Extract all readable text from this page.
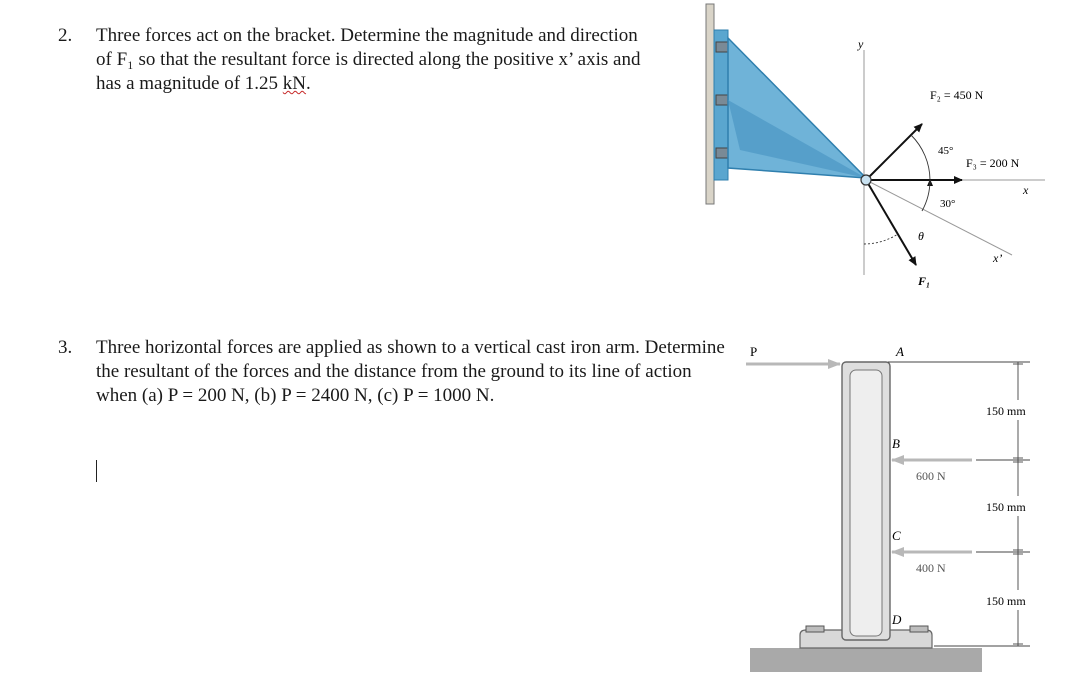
2. Three forces act on the bracket. Determine the magnitude and direction of F₁ so that the resultant force is directed along the positive x’ axis and has a magnitude of 1.25 kN.
3. Three horizontal forces are applied as shown to a vertical cast iron arm. Determine the resultant of the forces and the distance from the ground to its line of action when (a) P = 200 N, (b) P = 2400 N, (c) P = 1000 N.
y
x
x’
F₂ = 450 N
F₃ = 200 N
F₁
45°
30°
θ
P	A
B
C
D
600 N
400 N
150 mm
150 mm
150 mm
